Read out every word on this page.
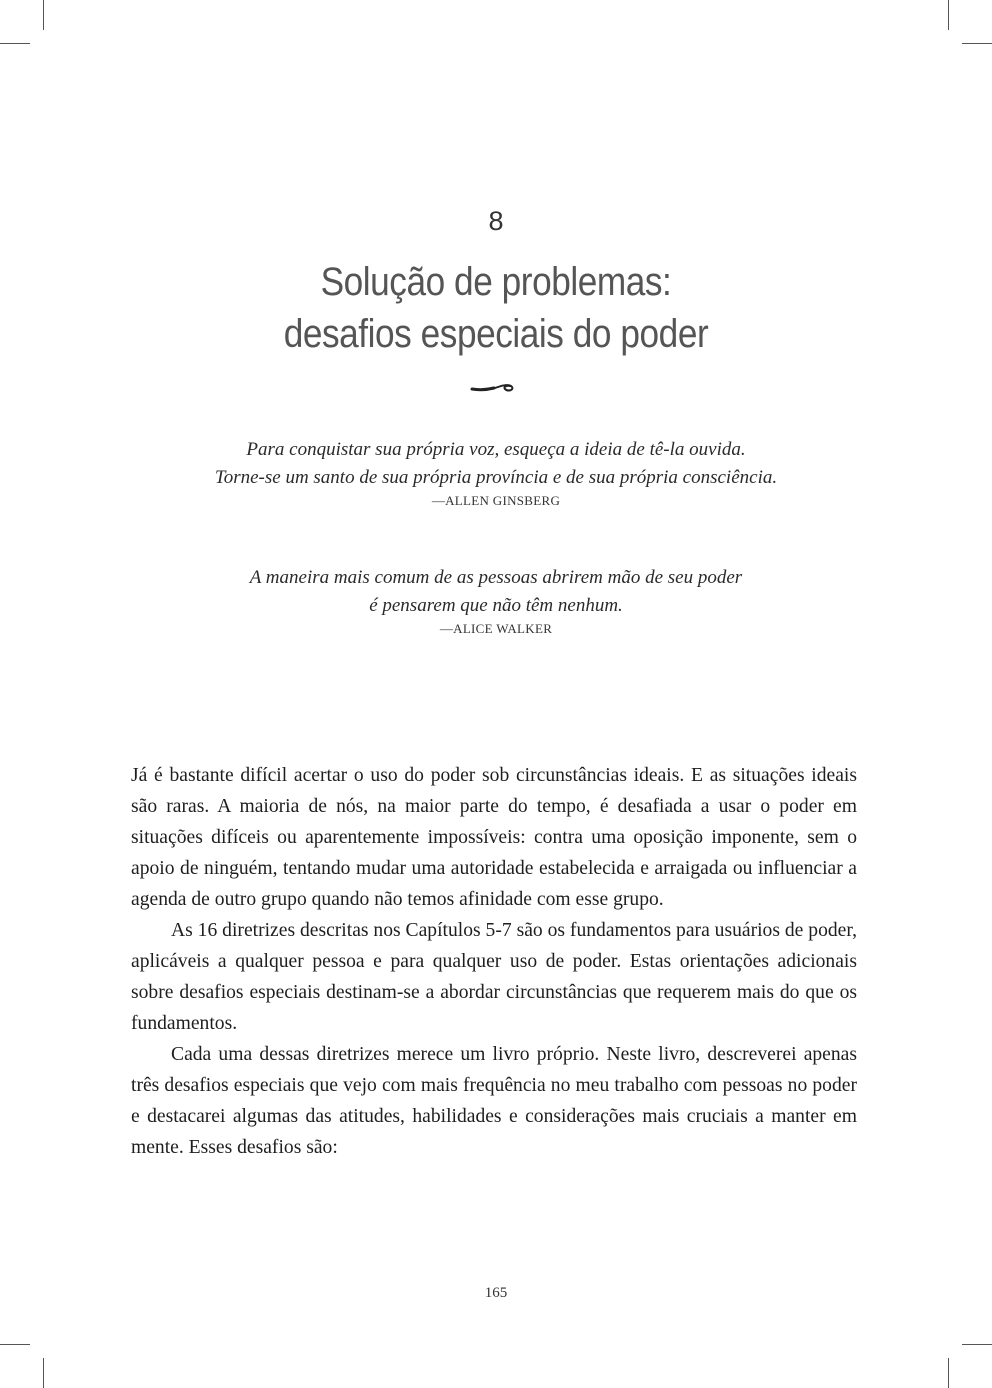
8
Solução de problemas:
desafios especiais do poder
Para conquistar sua própria voz, esqueça a ideia de tê-la ouvida.
Torne-se um santo de sua própria província e de sua própria consciência.
—ALLEN GINSBERG
A maneira mais comum de as pessoas abrirem mão de seu poder
é pensarem que não têm nenhum.
—ALICE WALKER

Já é bastante difícil acertar o uso do poder sob circunstâncias ideais. E as situações ideais são raras. A maioria de nós, na maior parte do tempo, é desafiada a usar o poder em situações difíceis ou aparentemente impossíveis: contra uma oposição imponente, sem o apoio de ninguém, tentando mudar uma autoridade estabelecida e arraigada ou influenciar a agenda de outro grupo quando não temos afinidade com esse grupo.

As 16 diretrizes descritas nos Capítulos 5-7 são os fundamentos para usuários de poder, aplicáveis a qualquer pessoa e para qualquer uso de poder. Estas orientações adicionais sobre desafios especiais destinam-se a abordar circunstâncias que requerem mais do que os fundamentos.

Cada uma dessas diretrizes merece um livro próprio. Neste livro, descreverei apenas três desafios especiais que vejo com mais frequência no meu trabalho com pessoas no poder e destacarei algumas das atitudes, habilidades e considerações mais cruciais a manter em mente. Esses desafios são:

165
